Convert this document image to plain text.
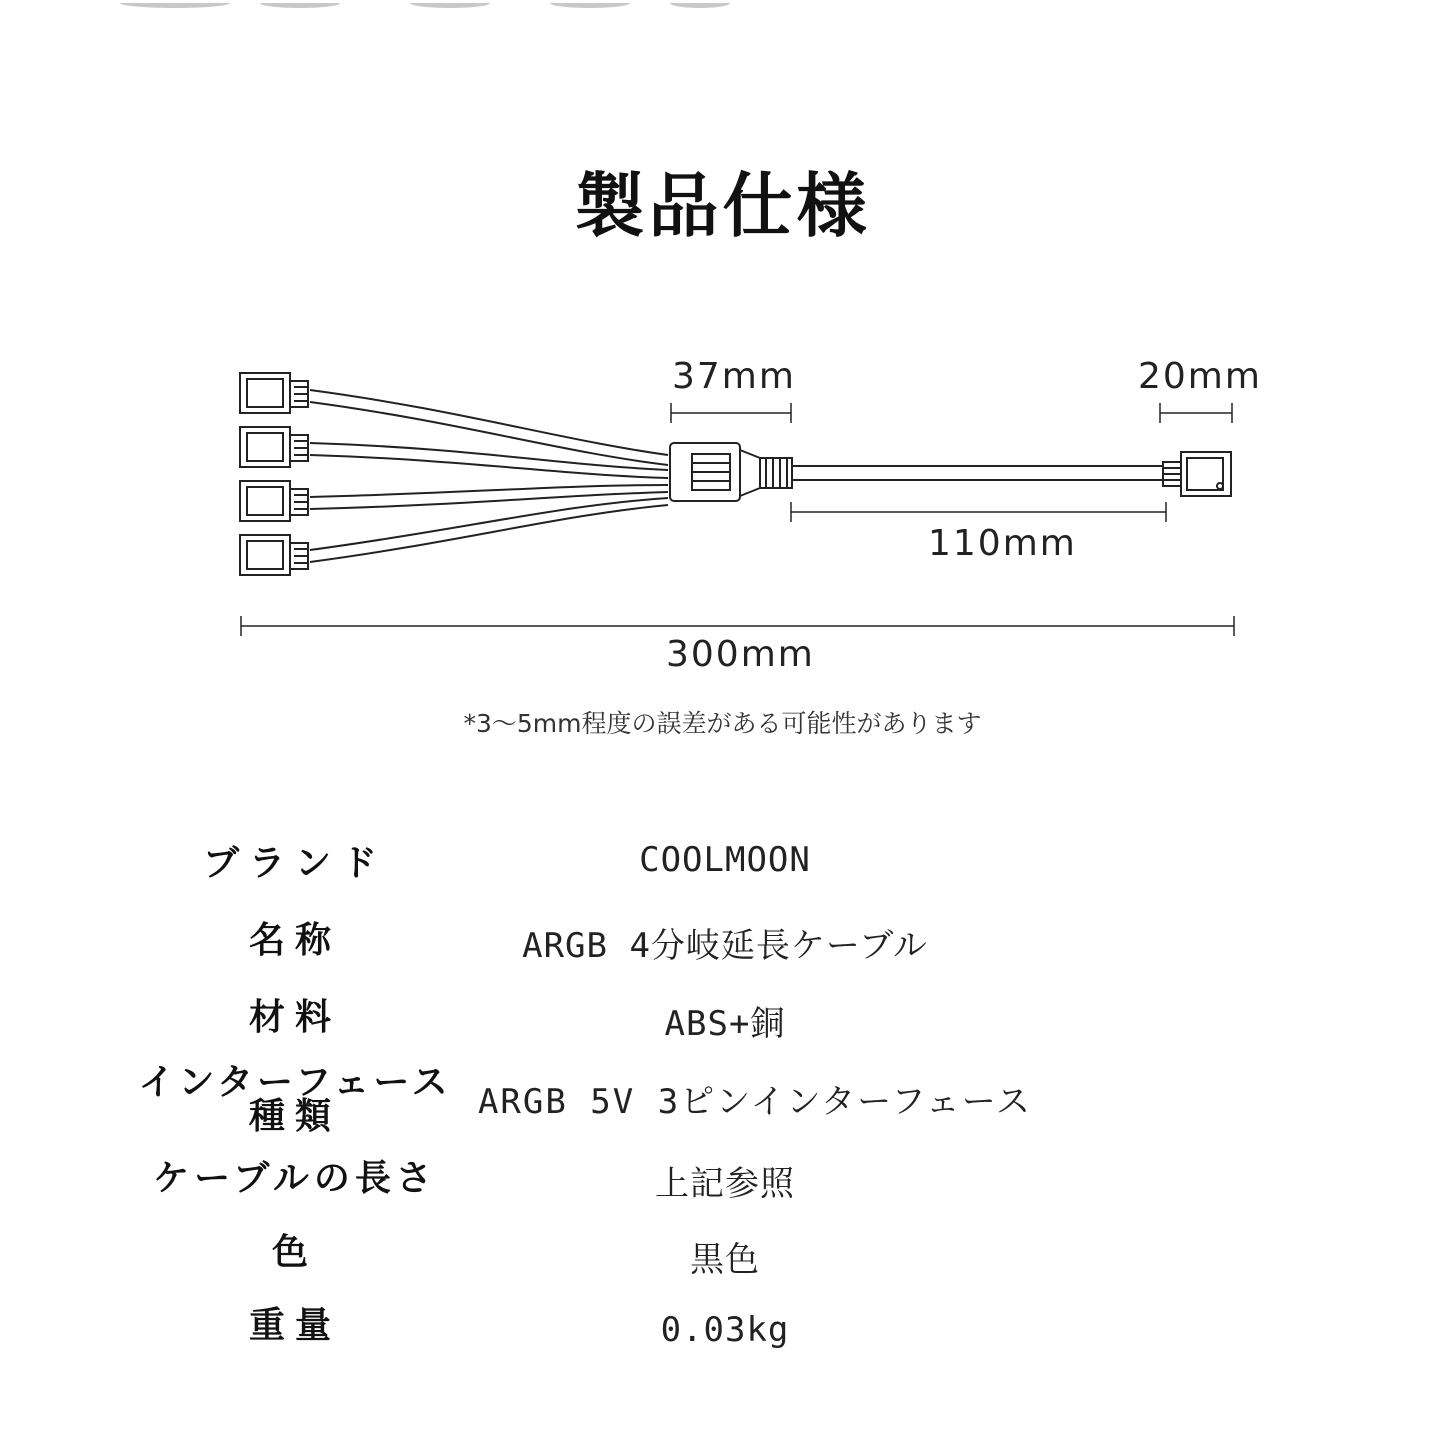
製品仕様
37mm	20mm
110mm
300mm
*3～5mm程度の誤差がある可能性があります
ブランド	COOLMOON
名称	ARGB 4分岐延長ケーブル
材料	ABS+銅
インターフェース
種類	ARGB 5V 3ピンインターフェース
ケーブルの長さ	上記参照
色	黒色
重量	0.03kg
